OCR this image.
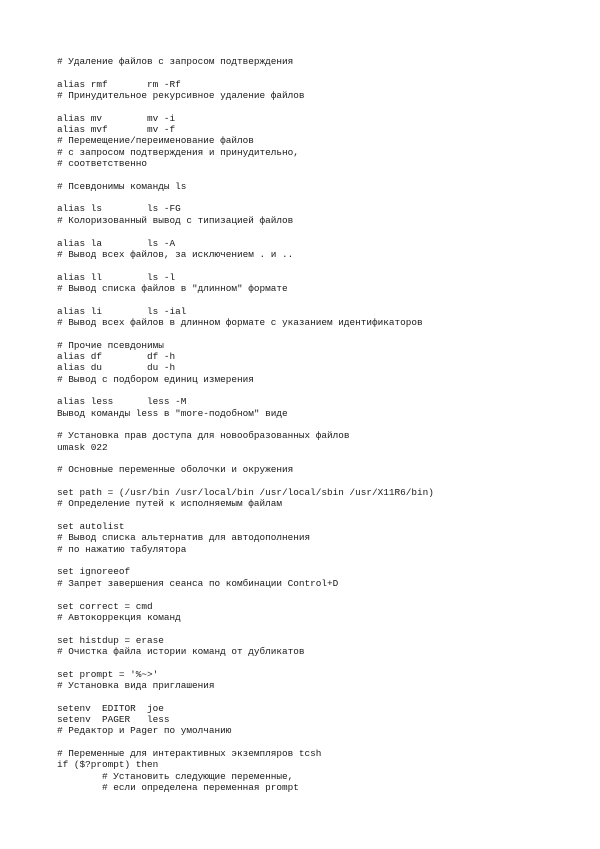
# Удаление файлов с запросом подтверждения
alias rmf       rm -Rf
# Принудительное рекурсивное удаление файлов
alias mv        mv -i
alias mvf       mv -f
# Перемещение/переименование файлов
# с запросом подтверждения и принудительно,
# соответственно
# Псевдонимы команды ls
alias ls        ls -FG
# Колоризованный вывод с типизацией файлов
alias la        ls -A
# Вывод всех файлов, за исключением . и ..
alias ll        ls -l
# Вывод списка файлов в "длинном" формате
alias li        ls -ial
# Вывод всех файлов в длинном формате с указанием идентификаторов
# Прочие псевдонимы
alias df        df -h
alias du        du -h
# Вывод с подбором единиц измерения
alias less      less -M
Вывод команды less в "more-подобном" виде
# Установка прав доступа для новообразованных файлов
umask 022
# Основные переменные оболочки и окружения
set path = (/usr/bin /usr/local/bin /usr/local/sbin /usr/X11R6/bin)
# Определение путей к исполняемым файлам
set autolist
# Вывод списка альтернатив для автодополнения
# по нажатию табулятора
set ignoreeof
# Запрет завершения сеанса по комбинации Control+D
set correct = cmd
# Автокоррекция команд
set histdup = erase
# Очистка файла истории команд от дубликатов
set prompt = '%~>'
# Установка вида приглашения
setenv  EDITOR  joe
setenv  PAGER   less
# Редактор и Pager по умолчанию
# Переменные для интерактивных экземпляров tcsh
if ($?prompt) then
# Установить следующие переменные,
# если определена переменная prompt
